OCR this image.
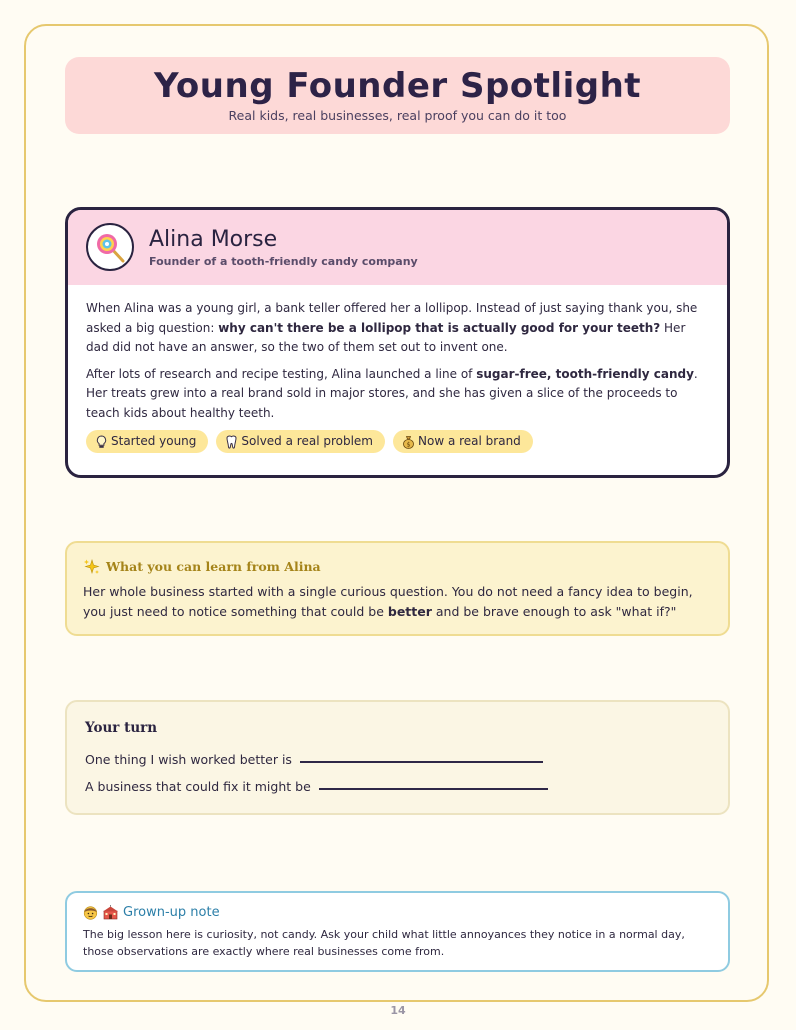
Young Founder Spotlight
Real kids, real businesses, real proof you can do it too
Alina Morse
Founder of a tooth-friendly candy company

When Alina was a young girl, a bank teller offered her a lollipop. Instead of just saying thank you, she asked a big question: why can't there be a lollipop that is actually good for your teeth? Her dad did not have an answer, so the two of them set out to invent one.

After lots of research and recipe testing, Alina launched a line of sugar-free, tooth-friendly candy. Her treats grew into a real brand sold in major stores, and she has given a slice of the proceeds to teach kids about healthy teeth.

Started young	Solved a real problem	$ Now a real brand
What you can learn from Alina
Her whole business started with a single curious question. You do not need a fancy idea to begin, you just need to notice something that could be better and be brave enough to ask "what if?"
Your turn
One thing I wish worked better is
A business that could fix it might be
Grown-up note
The big lesson here is curiosity, not candy. Ask your child what little annoyances they notice in a normal day, those observations are exactly where real businesses come from.
14
